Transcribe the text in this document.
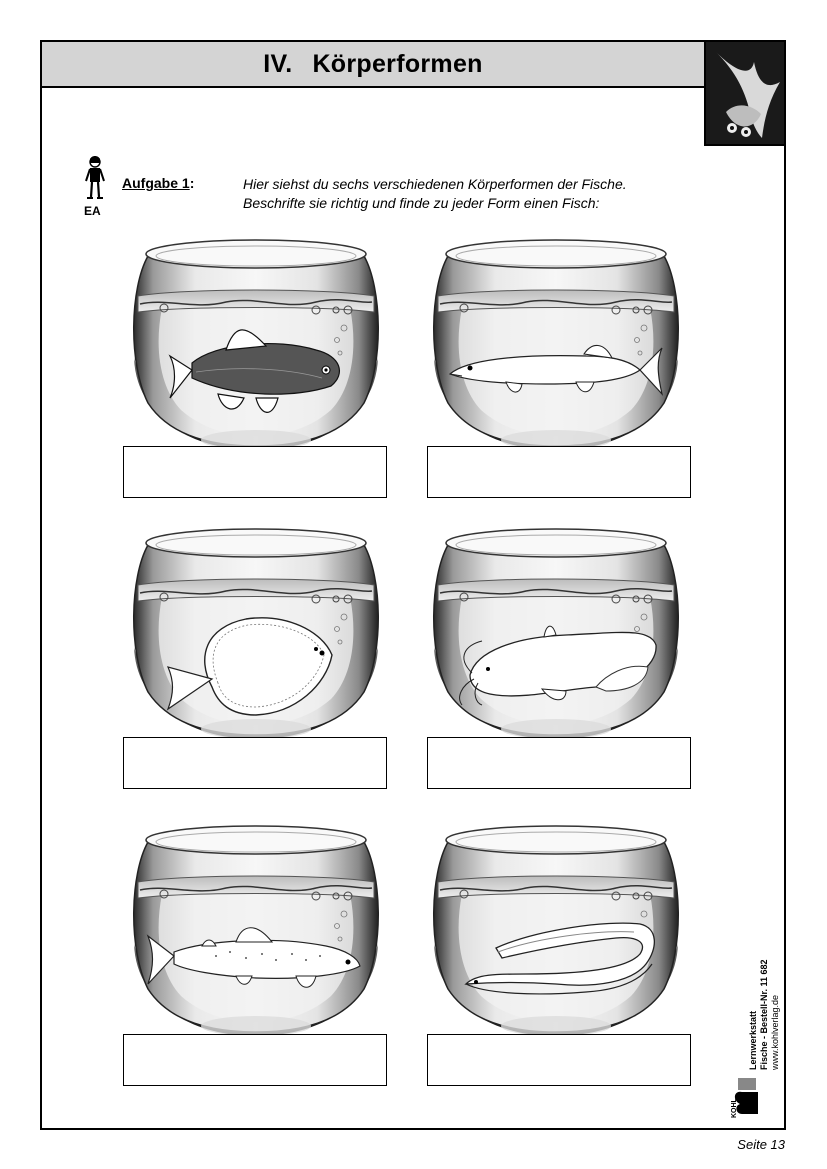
IV. Körperformen
EA
Aufgabe 1:	Hier siehst du sechs verschiedenen Körperformen der Fische.
Beschrifte sie richtig und finde zu jeder Form einen Fisch:
KOHL
Lernwerkstatt Fische - Bestell-Nr. 11 682 www.kohlverlag.de
Seite 13
